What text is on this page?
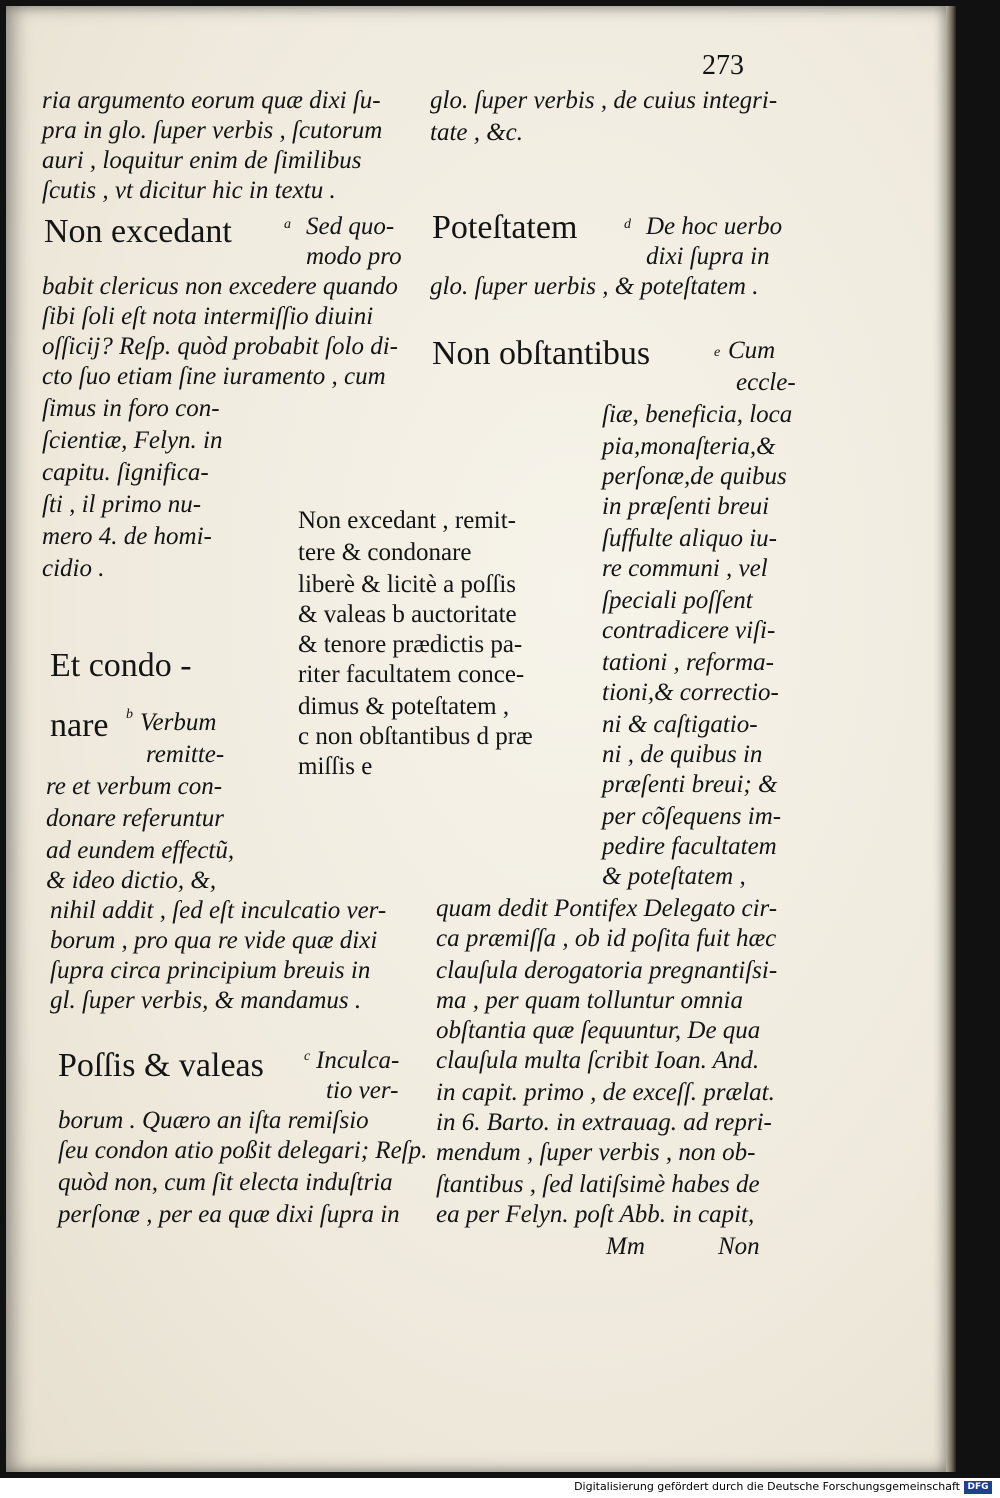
273
ria argumento eorum quæ dixi ſu-
pra in glo. ſuper verbis , ſcutorum
auri , loquitur enim de ſimilibus
ſcutis , vt dicitur hic in textu .
Non excedant	a Sed quo-
modo pro
babit clericus non excedere quando
ſibi ſoli eſt nota intermiſſio diuini
oſſicij? Reſp. quòd probabit ſolo di-
cto ſuo etiam ſine iuramento , cum
ſimus in foro con-
ſcientiæ, Felyn. in
capitu. ſignifica-
ſti , il primo nu-
mero 4. de homi-
cidio .
Et condo -
nare b Verbum
remitte-
re et verbum con-
donare referuntur
ad eundem effectũ,
& ideo dictio, &,
nihil addit , ſed eſt inculcatio ver-
borum , pro qua re vide quæ dixi
ſupra circa principium breuis in
gl. ſuper verbis, & mandamus .
Poſſis & valeas	c Inculca-
tio ver-
borum . Quæro an iſta remiſsio
ſeu condon atio poßit delegari; Reſp.
quòd non, cum ſit electa induſtria
perſonæ , per ea quæ dixi ſupra in
Non excedant , remit-
tere & condonare
liberè & licitè a poſſis
& valeas b auctoritate
& tenore prædictis pa-
riter facultatem conce-
dimus & poteſtatem ,
c non obſtantibus d præ
miſſis e
glo. ſuper verbis , de cuius integri-
tate , &c.
Poteſtatem	d De hoc uerbo
dixi ſupra in
glo. ſuper uerbis , & poteſtatem .
Non obſtantibus	e Cum
eccle-
ſiæ, beneficia, loca
pia,monaſteria,&
perſonæ,de quibus
in præſenti breui
ſuffulte aliquo iu-
re communi , vel
ſpeciali poſſent
contradicere viſi-
tationi , reforma-
tioni,& correctio-
ni & caſtigatio-
ni , de quibus in
præſenti breui; &
per cõſequens im-
pedire facultatem
& poteſtatem ,
quam dedit Pontifex Delegato cir-
ca præmiſſa , ob id poſita fuit hæc
clauſula derogatoria pregnantiſsi-
ma , per quam tolluntur omnia
obſtantia quæ ſequuntur, De qua
clauſula multa ſcribit Ioan. And.
in capit. primo , de exceſſ. prælat.
in 6. Barto. in extrauag. ad repri-
mendum , ſuper verbis , non ob-
ſtantibus , ſed latiſsimè habes de
ea per Felyn. poſt Abb. in capit,
Mm	Non
Digitalisierung gefördert durch die Deutsche Forschungsgemeinschaft DFG
